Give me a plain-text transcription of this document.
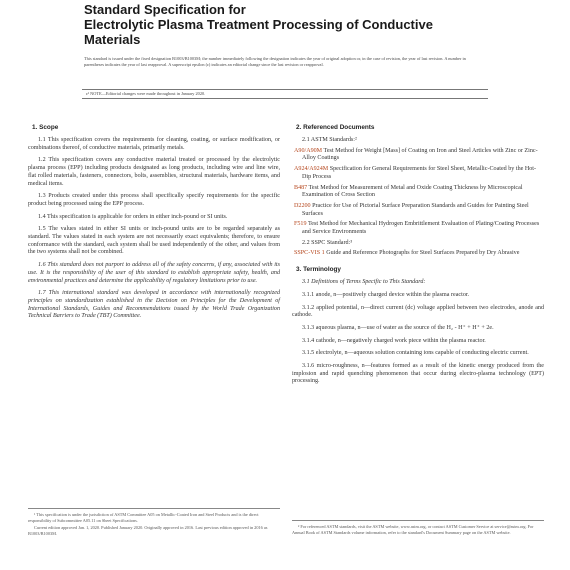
Standard Specification for
Electrolytic Plasma Treatment Processing of Conductive
Materials
This standard is issued under the fixed designation B1003/B1003M; the number immediately following the designation indicates the year of original adoption or, in the case of revision, the year of last revision. A number in parentheses indicates the year of last reapproval. A superscript epsilon (ε) indicates an editorial change since the last revision or reapproval.
ε¹ NOTE—Editorial changes were made throughout in January 2020.
1. Scope
1.1 This specification covers the requirements for cleaning, coating, or surface modification, or combinations thereof, of conductive materials, primarily metals.
1.2 This specification covers any conductive material treated or processed by the electrolytic plasma process (EPP) including products designated as long products, including wire and line wire, flat rolled materials, fasteners, connectors, bolts, assemblies, structural materials, hardware items, and medical items.
1.3 Products created under this process shall specifically specify requirements for the specific product being processed using the EPP process.
1.4 This specification is applicable for orders in either inch-pound or SI units.
1.5 The values stated in either SI units or inch-pound units are to be regarded separately as standard. The values stated in each system are not necessarily exact equivalents; therefore, to ensure conformance with the standard, each system shall be used independently of the other, and values from the two systems shall not be combined.
1.6 This standard does not purport to address all of the safety concerns, if any, associated with its use. It is the responsibility of the user of this standard to establish appropriate safety, health, and environmental practices and determine the applicability of regulatory limitations prior to use.
1.7 This international standard was developed in accordance with internationally recognized principles on standardization established in the Decision on Principles for the Development of International Standards, Guides and Recommendations issued by the World Trade Organization Technical Barriers to Trade (TBT) Committee.
2. Referenced Documents
2.1 ASTM Standards:²
A90/A90M Test Method for Weight [Mass] of Coating on Iron and Steel Articles with Zinc or Zinc-Alloy Coatings
A924/A924M Specification for General Requirements for Steel Sheet, Metallic-Coated by the Hot-Dip Process
B487 Test Method for Measurement of Metal and Oxide Coating Thickness by Microscopical Examination of Cross Section
D2200 Practice for Use of Pictorial Surface Preparation Standards and Guides for Painting Steel Surfaces
F519 Test Method for Mechanical Hydrogen Embrittlement Evaluation of Plating/Coating Processes and Service Environments
2.2 SSPC Standard:³
SSPC-VIS 1 Guide and Reference Photographs for Steel Surfaces Prepared by Dry Abrasive
3. Terminology
3.1 Definitions of Terms Specific to This Standard:
3.1.1 anode, n—positively charged device within the plasma reactor.
3.1.2 applied potential, n—direct current (dc) voltage applied between two electrodes, anode and cathode.
3.1.3 aqueous plasma, n—use of water as the source of the H₂ - H⁺ + H⁺ + 2e.
3.1.4 cathode, n—negatively charged work piece within the plasma reactor.
3.1.5 electrolyte, n—aqueous solution containing ions capable of conducting electric current.
3.1.6 micro-roughness, n—features formed as a result of the kinetic energy produced from the implosion and rapid quenching phenomenon that occur during electro-plasma technology (EPT) processing.
¹ This specification is under the jurisdiction of ASTM Committee A05 on Metallic-Coated Iron and Steel Products and is the direct responsibility of Subcommittee A05.11 on Sheet Specifications.
Current edition approved Jan. 1, 2020. Published January 2020. Originally approved in 2016. Last previous edition approved in 2016 as B1003/B1003M.
² For referenced ASTM standards, visit the ASTM website, www.astm.org, or contact ASTM Customer Service at service@astm.org. For Annual Book of ASTM Standards volume information, refer to the standard's Document Summary page on the ASTM website.
